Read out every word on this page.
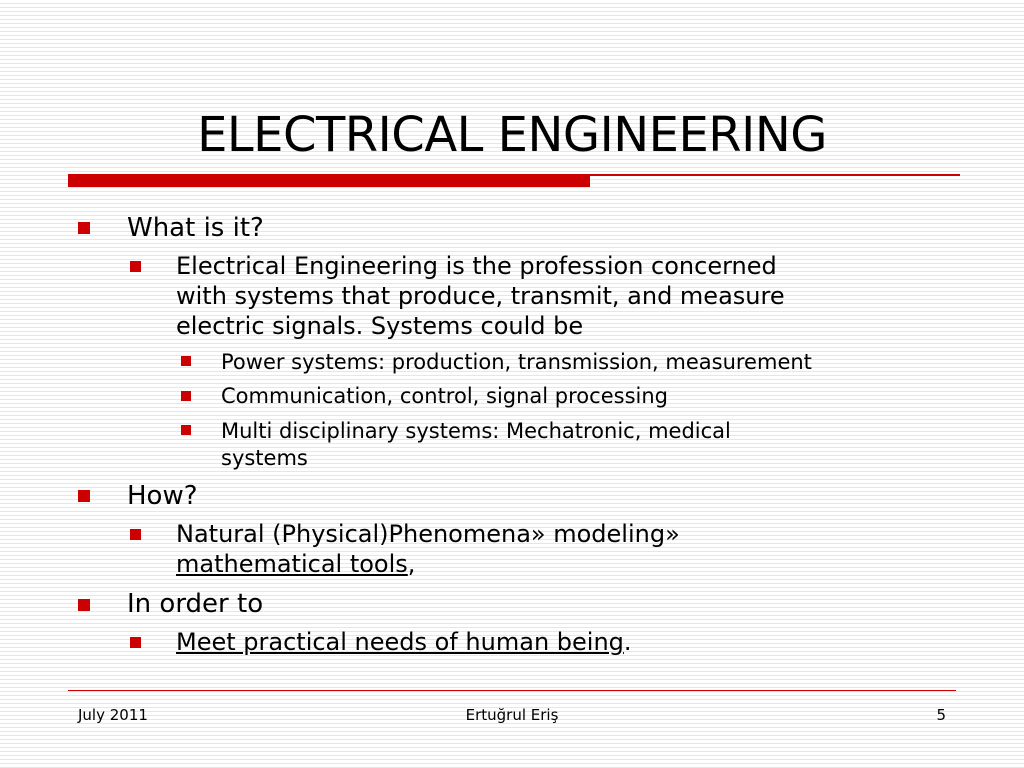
ELECTRICAL ENGINEERING
What is it?
Electrical Engineering is the profession concerned
with systems that produce, transmit, and measure
electric signals. Systems could be
Power systems: production, transmission, measurement
Communication, control, signal processing
Multi disciplinary systems: Mechatronic, medical
systems
How?
Natural (Physical)Phenomena» modeling»
mathematical tools,
In order to
Meet practical needs of human being.
July 2011	Ertuğrul Eriş	5
